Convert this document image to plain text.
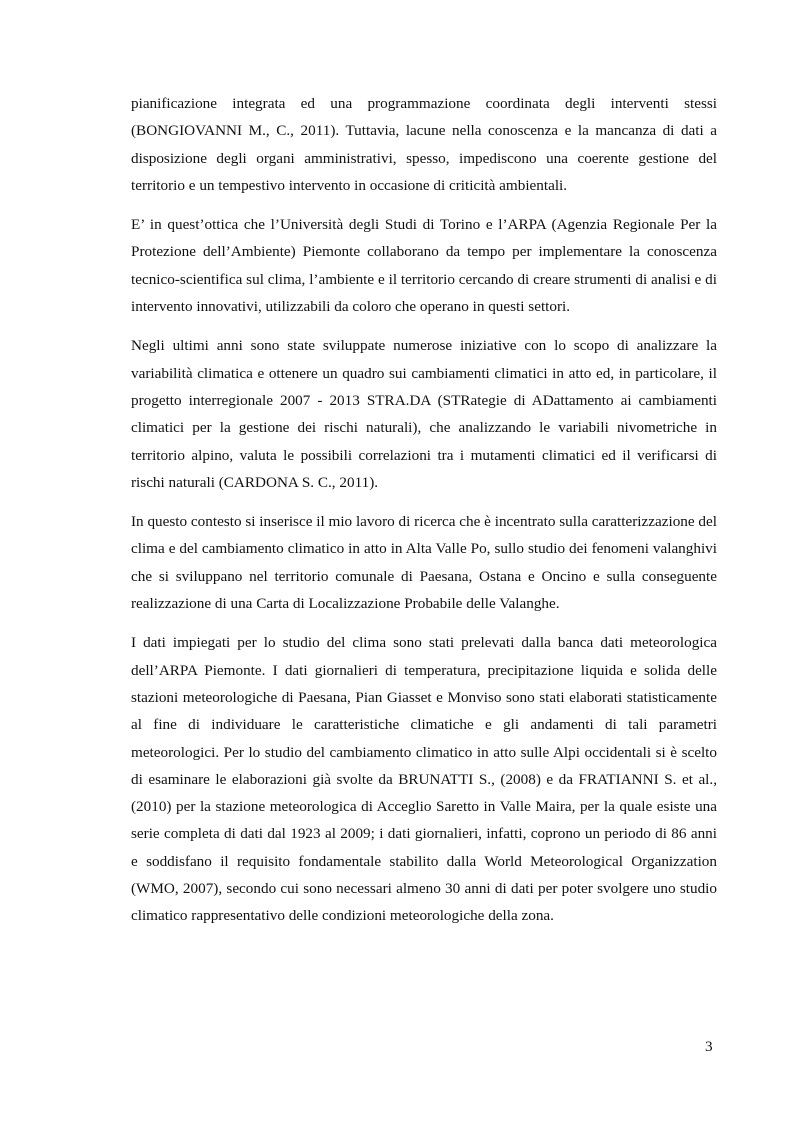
pianificazione integrata ed una programmazione coordinata degli interventi stessi (BONGIOVANNI M., C., 2011). Tuttavia, lacune nella conoscenza e la mancanza di dati a disposizione degli organi amministrativi, spesso, impediscono una coerente gestione del territorio e un tempestivo intervento in occasione di criticità ambientali.

E’ in quest’ottica che l’Università degli Studi di Torino e l’ARPA (Agenzia Regionale Per la Protezione dell’Ambiente) Piemonte collaborano da tempo per implementare la conoscenza tecnico-scientifica sul clima, l’ambiente e il territorio cercando di creare strumenti di analisi e di intervento innovativi, utilizzabili da coloro che operano in questi settori.

Negli ultimi anni sono state sviluppate numerose iniziative con lo scopo di analizzare la variabilità climatica e ottenere un quadro sui cambiamenti climatici in atto ed, in particolare, il progetto interregionale 2007 - 2013 STRA.DA (STRategie di ADattamento ai cambiamenti climatici per la gestione dei rischi naturali), che analizzando le variabili nivometriche in territorio alpino, valuta le possibili correlazioni tra i mutamenti climatici ed il verificarsi di rischi naturali (CARDONA S. C., 2011).

In questo contesto si inserisce il mio lavoro di ricerca che è incentrato sulla caratterizzazione del clima e del cambiamento climatico in atto in Alta Valle Po, sullo studio dei fenomeni valanghivi che si sviluppano nel territorio comunale di Paesana, Ostana e Oncino e sulla conseguente realizzazione di una Carta di Localizzazione Probabile delle Valanghe.

I dati impiegati per lo studio del clima sono stati prelevati dalla banca dati meteorologica dell’ARPA Piemonte. I dati giornalieri di temperatura, precipitazione liquida e solida delle stazioni meteorologiche di Paesana, Pian Giasset e Monviso sono stati elaborati statisticamente al fine di individuare le caratteristiche climatiche e gli andamenti di tali parametri meteorologici. Per lo studio del cambiamento climatico in atto sulle Alpi occidentali si è scelto di esaminare le elaborazioni già svolte da BRUNATTI S., (2008) e da FRATIANNI S. et al., (2010) per la stazione meteorologica di Acceglio Saretto in Valle Maira, per la quale esiste una serie completa di dati dal 1923 al 2009; i dati giornalieri, infatti, coprono un periodo di 86 anni e soddisfano il requisito fondamentale stabilito dalla World Meteorological Organizzation (WMO, 2007), secondo cui sono necessari almeno 30 anni di dati per poter svolgere uno studio climatico rappresentativo delle condizioni meteorologiche della zona.

3
